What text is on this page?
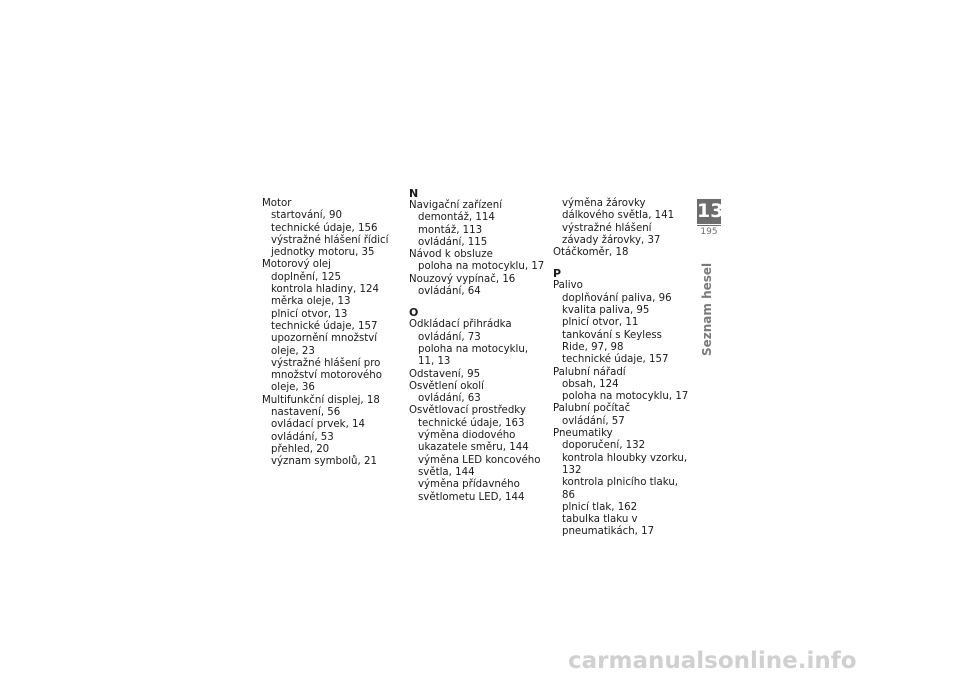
Motor
startování, 90
technické údaje, 156
výstražné hlášení řídicí jednotky motoru, 35
Motorový olej
doplnění, 125
kontrola hladiny, 124
měrka oleje, 13
plnicí otvor, 13
technické údaje, 157
upozornění množství oleje, 23
výstražné hlášení pro množství motorového oleje, 36
Multifunkční displej, 18
nastavení, 56
ovládací prvek, 14
ovládání, 53
přehled, 20
význam symbolů, 21
N
Navigační zařízení
demontáž, 114
montáž, 113
ovládání, 115
Návod k obsluze
poloha na motocyklu, 17
Nouzový vypínač, 16
ovládání, 64
O
Odkládací přihrádka
ovládání, 73
poloha na motocyklu, 11, 13
Odstavení, 95
Osvětlení okolí
ovládání, 63
Osvětlovací prostředky
technické údaje, 163
výměna diodového ukazatele směru, 144
výměna LED koncového světla, 144
výměna přídavného světlometu LED, 144
výměna žárovky dálkového světla, 141
výstražné hlášení závady žárovky, 37
Otáčkoměr, 18
P
Palivo
doplňování paliva, 96
kvalita paliva, 95
plnicí otvor, 11
tankování s Keyless Ride, 97, 98
technické údaje, 157
Palubní nářadí
obsah, 124
poloha na motocyklu, 17
Palubní počítač
ovládání, 57
Pneumatiky
doporučení, 132
kontrola hloubky vzorku, 132
kontrola plnicího tlaku, 86
plnicí tlak, 162
tabulka tlaku v pneumatikách, 17
13
195
Seznam hesel
carmanualsonline.info
